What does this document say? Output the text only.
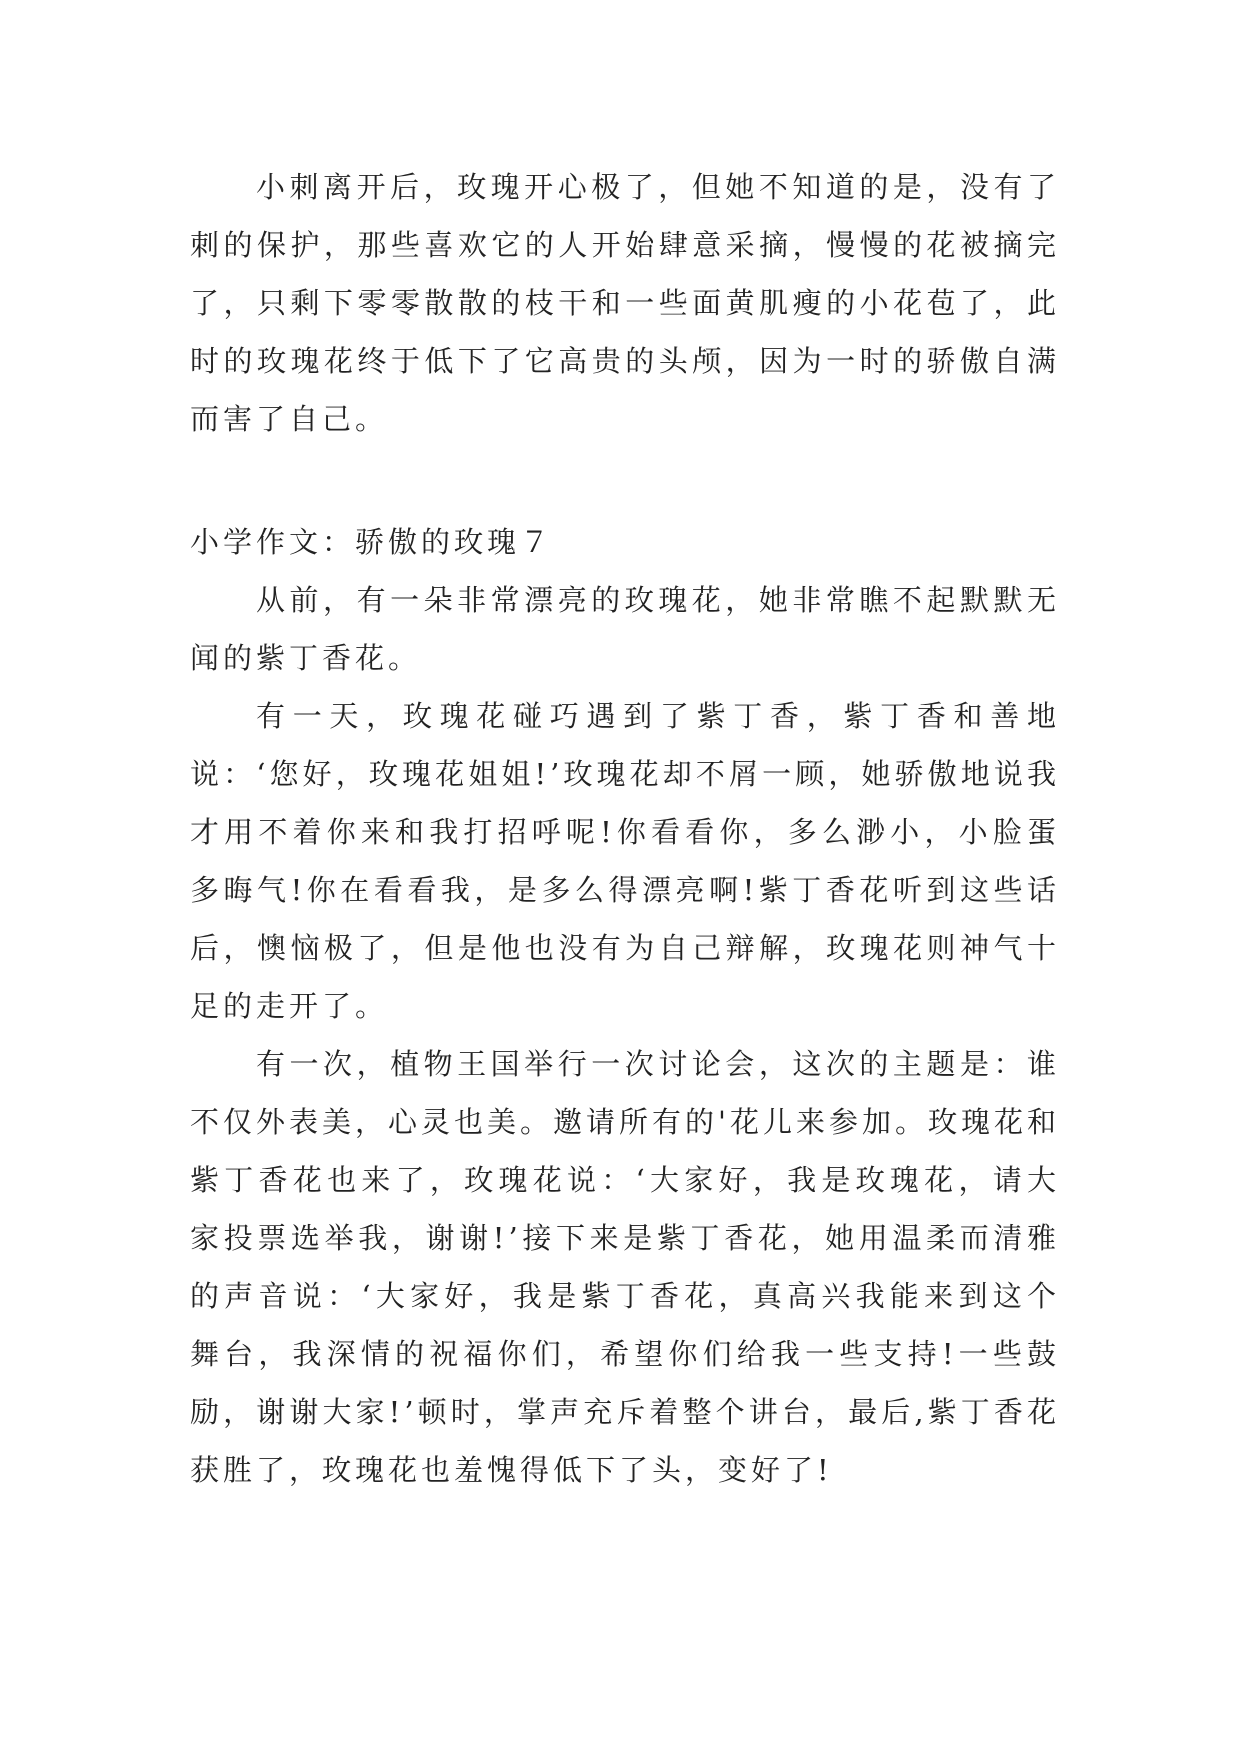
小刺离开后，玫瑰开心极了，但她不知道的是，没有了刺的保护，那些喜欢它的人开始肆意采摘，慢慢的花被摘完了，只剩下零零散散的枝干和一些面黄肌瘦的小花苞了，此时的玫瑰花终于低下了它高贵的头颅，因为一时的骄傲自满而害了自己。

小学作文：骄傲的玫瑰７

从前，有一朵非常漂亮的玫瑰花，她非常瞧不起默默无闻的紫丁香花。

有一天，玫瑰花碰巧遇到了紫丁香，紫丁香和善地说：‘您好，玫瑰花姐姐!’玫瑰花却不屑一顾，她骄傲地说我才用不着你来和我打招呼呢!你看看你，多么渺小，小脸蛋多晦气!你在看看我，是多么得漂亮啊!紫丁香花听到这些话后，懊恼极了，但是他也没有为自己辩解，玫瑰花则神气十足的走开了。

有一次，植物王国举行一次讨论会，这次的主题是：谁不仅外表美，心灵也美。邀请所有的'花儿来参加。玫瑰花和紫丁香花也来了，玫瑰花说：‘大家好，我是玫瑰花，请大家投票选举我，谢谢!’接下来是紫丁香花，她用温柔而清雅的声音说：‘大家好，我是紫丁香花，真高兴我能来到这个舞台，我深情的祝福你们，希望你们给我一些支持!一些鼓励，谢谢大家!’顿时，掌声充斥着整个讲台，最后,紫丁香花获胜了，玫瑰花也羞愧得低下了头，变好了!
